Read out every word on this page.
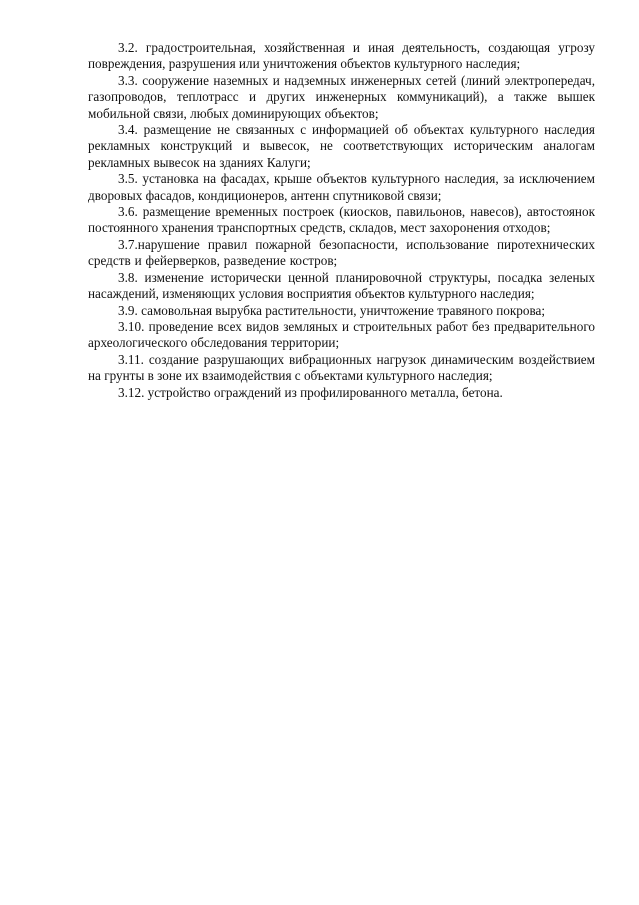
3.2. градостроительная, хозяйственная и иная деятельность, создающая угрозу повреждения, разрушения или уничтожения объектов культурного наследия;

3.3. сооружение наземных и надземных инженерных сетей (линий электропередач, газопроводов, теплотрасс и других инженерных коммуникаций), а также вышек мобильной связи, любых доминирующих объектов;

3.4. размещение не связанных с информацией об объектах культурного наследия рекламных конструкций и вывесок, не соответствующих историческим аналогам рекламных вывесок на зданиях Калуги;

3.5. установка на фасадах, крыше объектов культурного наследия, за исключением дворовых фасадов, кондиционеров, антенн спутниковой связи;

3.6. размещение временных построек (киосков, павильонов, навесов), автостоянок постоянного хранения транспортных средств, складов, мест захоронения отходов;

3.7.нарушение правил пожарной безопасности, использование пиротехнических средств и фейерверков, разведение костров;

3.8. изменение исторически ценной планировочной структуры, посадка зеленых насаждений, изменяющих условия восприятия объектов культурного наследия;

3.9. самовольная вырубка растительности, уничтожение травяного покрова;

3.10. проведение всех видов земляных и строительных работ без предварительного археологического обследования территории;

3.11. создание разрушающих вибрационных нагрузок динамическим воздействием на грунты в зоне их взаимодействия с объектами культурного наследия;

3.12. устройство ограждений из профилированного металла, бетона.
